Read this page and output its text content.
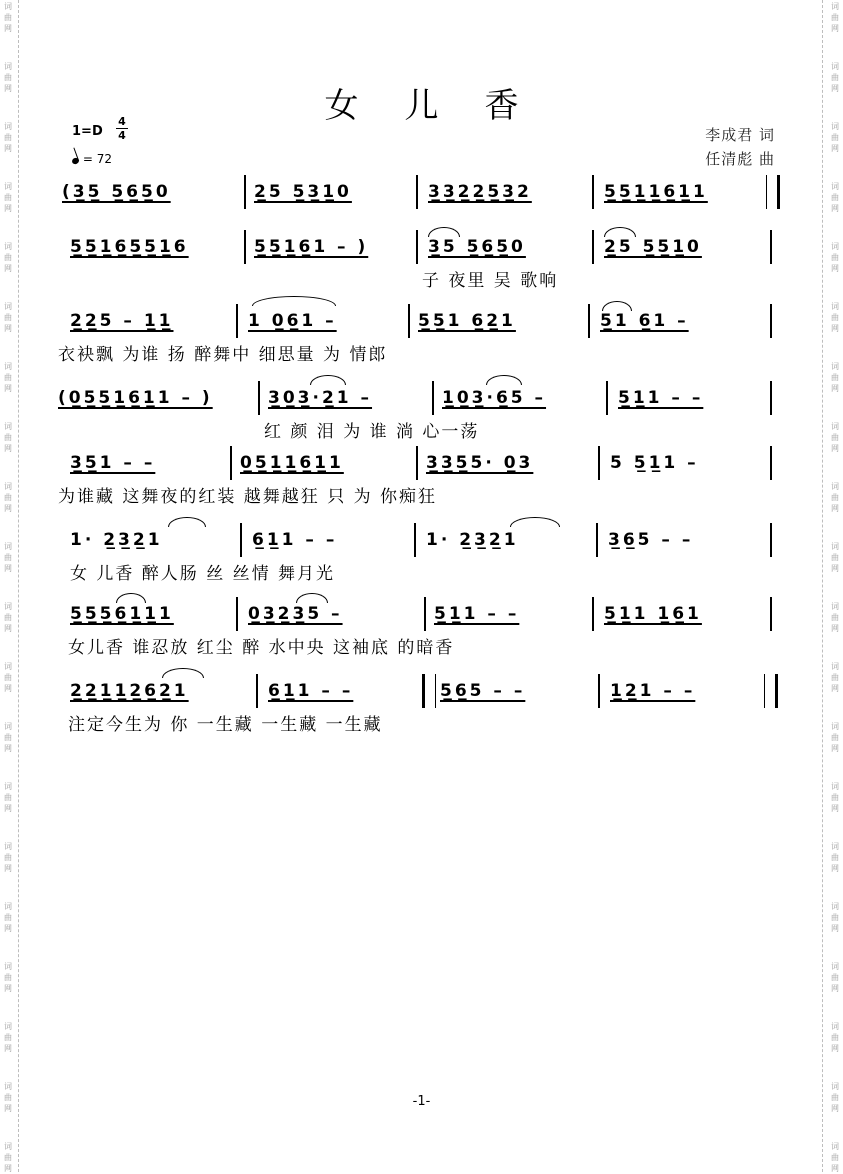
词
曲
网
词
曲
网
词
曲
网
词
曲
网
词
曲
网
词
曲
网
词
曲
网
词
曲
网
词
曲
网
词
曲
网
词
曲
网
词
曲
网
词
曲
网
词
曲
网
词
曲
网
词
曲
网
词
曲
网
词
曲
网
词
曲
网
词
曲
网
词
曲
网
词
曲
网
词
曲
网
词
曲
网
词
曲
网
词
曲
网
词
曲
网
词
曲
网
词
曲
网
词
曲
网
词
曲
网
词
曲
网
词
曲
网
词
曲
网
词
曲
网
词
曲
网
词
曲
网
词
曲
网
词
曲
网
词
曲
网
女儿香
1=D
4
4
= 72
李成君 词
任清彪 曲
(3̲5̲ 5̲6̲5̲0	2̲5 5̲3̲1̲0	3̲3̲2̲2̲5̲3̲2	5̲5̲1̲1̲6̲1̲1
5̲5̲1̲6̲5̲5̲1̲6	5̲5̲1̲6̲1 – )	3̲5 5̲6̲5̲0	2̲5 5̲5̲1̲0
子 夜里 吴 歌响
2̲2̲5 – 1̲1̲	1 0̲6̲1 –	5̲5̲1 6̲2̲1	5̲1 6̲1 –
衣袂飘 为谁 扬 醉舞中 细思量 为 情郎
(0̲5̲5̲1̲6̲1̲1 – )	3̲0̲3̲·2̲1 –	1̲0̲3̲·6̲5 –	5̲1̲1 – –
红 颜 泪 为 谁 淌 心一荡
3̲5̲1 – –	0̲5̲1̲1̲6̲1̲1	3̲3̲5̲5· 0̲3	5 5̲1̲1 –
为谁藏 这舞夜的红装 越舞越狂 只 为 你痴狂
1· 2̲3̲2̲1	6̲1̲1 – –	1· 2̲3̲2̲1	3̲6̲5 – –
女 儿香 醉人肠 丝 丝情 舞月光
5̲5̲5̲6̲1̲1̲1	0̲3̲2̲3̲5 –	5̲1̲1 – –	5̲1̲1 1̲6̲1
女儿香 谁忍放 红尘 醉 水中央 这袖底 的暗香
2̲2̲1̲1̲2̲6̲2̲1	6̲1̲1 – –	5̲6̲5 – –	1̲2̲1 – –
注定今生为 你 一生藏 一生藏 一生藏
-1-
